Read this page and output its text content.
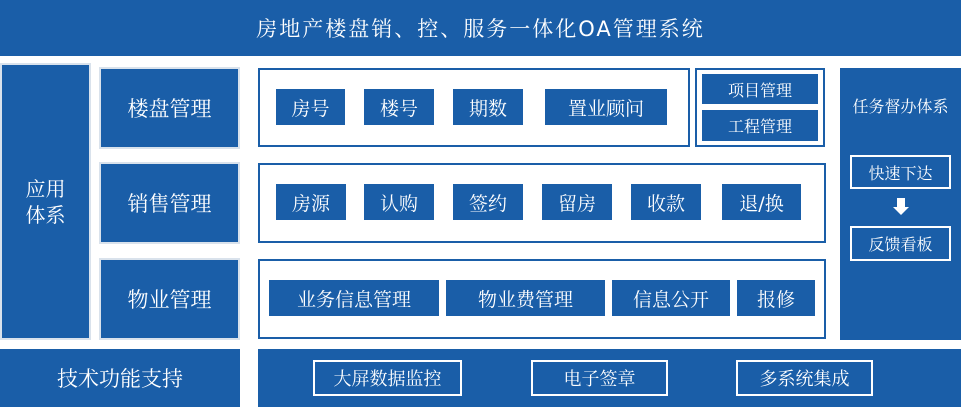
房地产楼盘销、控、服务一体化OA管理系统
应用
体系
楼盘管理
销售管理
物业管理
房号	楼号	期数	置业顾问
项目管理
工程管理
房源	认购	签约	留房	收款	退/换
业务信息管理	物业费管理	信息公开	报修
任务督办体系
快速下达
反馈看板
技术功能支持	大屏数据监控	电子签章	多系统集成
